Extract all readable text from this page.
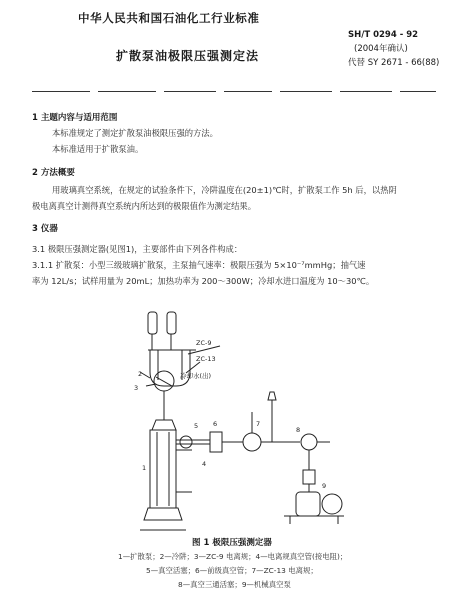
中华人民共和国石油化工行业标准
SH/T 0294 - 92
(2004年确认)
代替 SY 2671 - 66(88)
扩散泵油极限压强测定法
1 主题内容与适用范围
本标准规定了测定扩散泵油极限压强的方法。
本标准适用于扩散泵油。
2 方法概要
用玻璃真空系统，在规定的试验条件下，冷阱温度在(20±1)℃时，扩散泵工作 5h 后，以热阴
极电离真空计测得真空系统内所达到的极限值作为测定结果。
3 仪器
3.1 极限压强测定器(见图1)，主要部件由下列各件构成：
3.1.1 扩散泵：小型三级玻璃扩散泵，主泵抽气速率：极限压强为 5×10⁻⁷mmHg；抽气速
率为 12L/s；试样用量为 20mL；加热功率为 200～300W；冷却水进口温度为 10～30℃。
ZC-9
ZC-13
1
2
3
4
5 6	7
8
9
冷却水(出)
图 1 极限压强测定器
1—扩散泵；2—冷阱；3—ZC-9 电离规；4—电离规真空管(接电阻)；
5—真空活塞；6—前级真空管；7—ZC-13 电离规；
8—真空三通活塞；9—机械真空泵
